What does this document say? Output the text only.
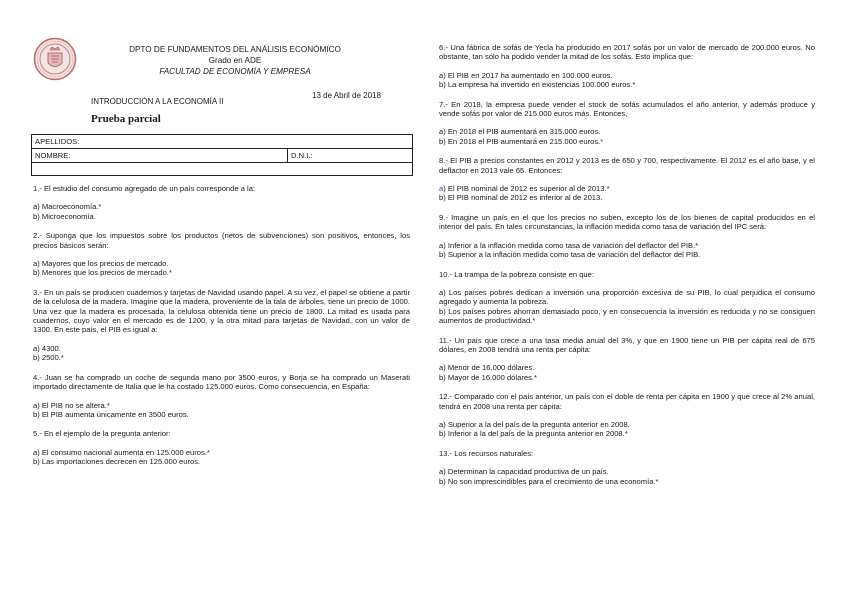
DPTO DE FUNDAMENTOS DEL ANÁLISIS ECONÓMICO
Grado en ADE
FACULTAD DE ECONOMÍA Y EMPRESA
INTRODUCCIÓN A LA ECONOMÍA II
13 de Abril de 2018
Prueba parcial
APELLIDOS:
NOMBRE:	D.N.I.:

1.- El estudio del consumo agregado de un país corresponde a la:

a) Macroeconomía.*

b) Microeconomía.

2.- Suponga que los impuestos sobre los productos (netos de subvenciones) son positivos, entonces, los precios básicos serán:

a) Mayores que los precios de mercado.

b) Menores que los precios de mercado.*

3.- En un país se producen cuadernos y tarjetas de Navidad usando papel. A su vez, el papel se obtiene a partir de la celulosa de la madera. Imagine que la madera, proveniente de la tala de árboles, tiene un precio de 1000. Una vez que la madera es procesada, la celulosa obtenida tiene un precio de 1800. La mitad es usada para cuadernos, cuyo valor en el mercado es de 1200, y la otra mitad para tarjetas de Navidad, con un valor de 1300. En este país, el PIB es igual a:

a) 4300.

b) 2500.*

4.- Juan se ha comprado un coche de segunda mano por 3500 euros, y Borja se ha comprado un Maserati importado directamente de Italia que le ha costado 125.000 euros. Como consecuencia, en España:

a) El PIB no se altera.*

b) El PIB aumenta únicamente en 3500 euros.

5.- En el ejemplo de la pregunta anterior:

a) El consumo nacional aumenta en 125.000 euros.*

b) Las importaciones decrecen en 125.000 euros.

6.- Una fábrica de sofás de Yecla ha producido en 2017 sofás por un valor de mercado de 200.000 euros. No obstante, tan sólo ha podido vender la mitad de los sofás. Esto implica que:

a) El PIB en 2017 ha aumentado en 100.000 euros.

b) La empresa ha invertido en existencias 100.000 euros.*

7.- En 2018, la empresa puede vender el stock de sofás acumulados el año anterior, y además produce y vende sofás por valor de 215.000 euros más. Entonces,

a) En 2018 el PIB aumentará en 315.000 euros.

b) En 2018 el PIB aumentará en 215.000 euros.*

8.- El PIB a precios constantes en 2012 y 2013 es de 650 y 700, respectivamente. El 2012 es el año base, y el deflactor en 2013 vale 65. Entonces:

a) El PIB nominal de 2012 es superior al de 2013.*

b) El PIB nominal de 2012 es inferior al de 2013.

9.- Imagine un país en el que los precios no suben, excepto los de los bienes de capital producidos en el interior del país. En tales circunstancias, la inflación medida como tasa de variación del IPC será:

a) Inferior a la inflación medida como tasa de variación del deflactor del PIB.*

b) Superior a la inflación medida como tasa de variación del deflactor del PIB.

10.- La trampa de la pobreza consiste en que:

a) Los países pobres dedican a inversión una proporción excesiva de su PIB, lo cual perjudica el consumo agregado y aumenta la pobreza.

b) Los países pobres ahorran demasiado poco, y en consecuencia la inversión es reducida y no se consiguen aumentos de productividad.*

11.- Un país que crece a una tasa media anual del 3%, y que en 1900 tiene un PIB per cápita real de 675 dólares, en 2008 tendrá una renta per cápita:

a) Menor de 16.000 dólares.

b) Mayor de 16.000 dólares.*

12.- Comparado con el país anterior, un país con el doble de renta per cápita en 1900 y que crece al 2% anual, tendrá en 2008 una renta per cápita:

a) Superior a la del país de la pregunta anterior en 2008.

b) Inferior a la del país de la pregunta anterior en 2008.*

13.- Los recursos naturales:

a) Determinan la capacidad productiva de un país.

b) No son imprescindibles para el crecimiento de una economía.*
